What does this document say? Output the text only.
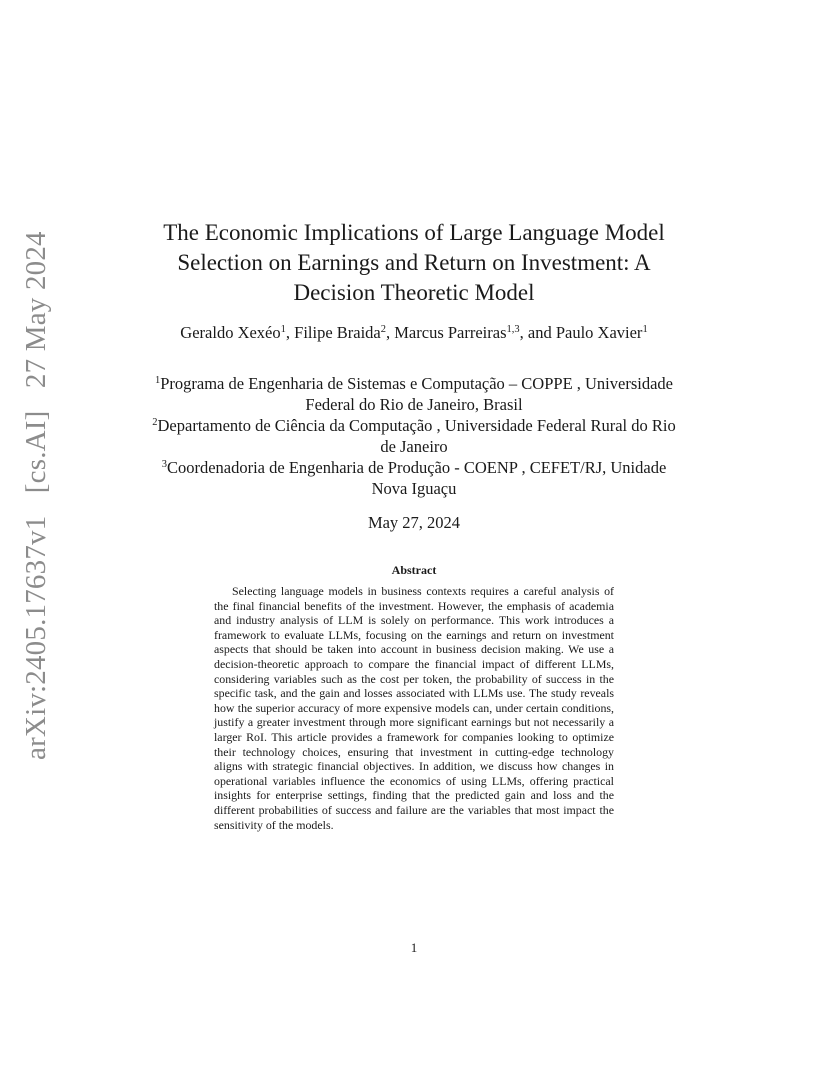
arXiv:2405.17637v1   [cs.AI]   27 May 2024	The Economic Implications of Large Language Model Selection on Earnings and Return on Investment: A Decision Theoretic Model
Geraldo Xexéo$^1$, Filipe Braida$^2$, Marcus Parreiras$^{1,3}$, and Paulo Xavier$^1$
$^1$Programa de Engenharia de Sistemas e Computação – COPPE , Universidade Federal do Rio de Janeiro, Brasil
$^2$Departamento de Ciência da Computação , Universidade Federal Rural do Rio de Janeiro
$^3$Coordenadoria de Engenharia de Produção - COENP , CEFET/RJ, Unidade Nova Iguaçu
May 27, 2024
Abstract

Selecting language models in business contexts requires a careful analysis of the final financial benefits of the investment. However, the emphasis of academia and industry analysis of LLM is solely on performance. This work introduces a framework to evaluate LLMs, focusing on the earnings and return on investment aspects that should be taken into account in business decision making. We use a decision-theoretic approach to compare the financial impact of different LLMs, considering variables such as the cost per token, the probability of success in the specific task, and the gain and losses associated with LLMs use. The study reveals how the superior accuracy of more expensive models can, under certain conditions, justify a greater investment through more significant earnings but not necessarily a larger RoI. This article provides a framework for companies looking to optimize their technology choices, ensuring that investment in cutting-edge technology aligns with strategic financial objectives. In addition, we discuss how changes in operational variables influence the economics of using LLMs, offering practical insights for enterprise settings, finding that the predicted gain and loss and the different probabilities of success and failure are the variables that most impact the sensitivity of the models.

1
